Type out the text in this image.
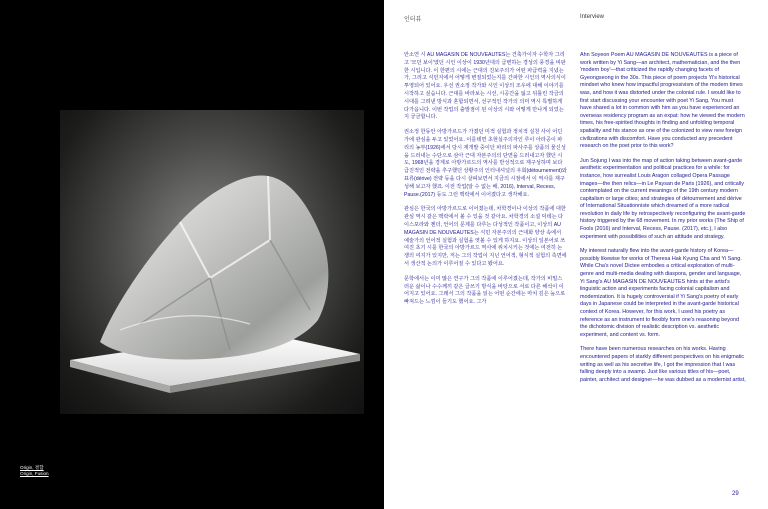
Origin, 결합
Origin, Fusion
인터뷰	Interview

안소연 시 AU MAGASIN DE NOUVEAUTES는 건축가이자 수학자 그리고 '모던 보이'였던 시인 이상이 1930년대의 급변하는 경성의 풍경을 비판한 시입니다. 이 한편의 시에는 근대의 진보주의가 어떤 파급력을 지녔는가, 그리고 식민지에서 어떻게 변질되었는지를 간파한 시인의 역사의식이 투영되어 있어요. 우선 권소정 작가와 시인 이상의 조우에 대해 이야기를 시작하고 싶습니다. 근대를 바라보는 시선, 시공간을 잃고 뒤틀린 작금의 시대를 그려낸 방식과 혼합되면서, 선구적인 작가의 의미 역시 특별하게 다가옵니다. 이번 작업의 출발점이 된 이상의 시와 어떻게 만나게 되었는지 궁금합니다.

권소정 한동안 아방가르드가 가졌던 미적 실험과 정치적 실천 사이 어딘가에 관심을 두고 있었어요. 이를테면 초현실주의자인 루이 아라공이 파리의 농부(1926)에서 당시 재개발 중이던 파리의 파사주를 상품의 물신성을 드러내는 수단으로 삼아 근대 자본주의의 단면을 드러내고자 했던 시도, 1968년을 경계로 아방가르드의 역사를 반성적으로 재구성하며 보다 급진적인 전략을 추구했던 상황주의 인터내셔널의 우회(détournement)와 표류(dérive) 전략 등을 다시 살펴보면서 지금의 시점에서 이 역사를 재구성해 보고자 했죠. 이전 작업(알 수 없는 배, 2016), Interval, Recess, Pause.(2017) 등도 그런 맥락에서 이어졌다고 생각해요.

관심은 한국의 아방가르드로 이어졌는데, 차학경이나 이상의 작품에 대한 관심 역시 같은 맥락에서 볼 수 있을 것 같아요. 차학경의 소설 딕테는 다이스포라와 젠더, 언어의 문제를 다루는 다성적인 작품이고, 이상의 AU MAGASIN DE NOUVEAUTES는 식민 자본주의의 근대화 양상 속에서 예술가의 언어적 실험과 실험을 엿볼 수 있게 하지요. 이상의 일본어로 쓰여진 초기 시를 한국의 아방가르드 역사에 위치시키는 것에는 여전히 논쟁의 여지가 있지만, 저는 그의 작업이 지닌 언어적, 형식적 실험의 측면에서 생산적 논의가 이루어질 수 있다고 봤어요.

문학에서는 이미 많은 연구가 그의 작품에 이루어졌는데, 작가의 비밀스러운 삶이나 수수께끼 같은 글쓰기 방식을 바탕으로 서로 다른 해석이 이어지고 있어요. 그래서 그의 작품을 읽는 어떤 순간에는 마치 깊은 늪으로 빠져드는 느낌이 들기도 했어요. 그가

Ahn Soyeon Poem AU MAGASIN DE NOUVEAUTES is a piece of work written by Yi Sang—an architect, mathematician, and the then 'modern boy'—that criticized the rapidly changing facets of Gyeongseong in the 30s. This piece of poem projects Yi's historical mindset who knew how impactful progressivism of the modern times was, and how it was distorted under the colonial rule. I would like to first start discussing your encounter with poet Yi Sang. You must have shared a lot in common with him as you have experienced an overseas residency program as an expat: how he viewed the modern times, his free-spirited thoughts in finding and unfolding temporal spatiality and his stance as one of the colonized to view new foreign civilizations with discomfort. Have you conducted any precedent research on the poet prior to this work?

Jun Sojung I was into the map of action taking between avant-garde aesthetic experimentation and political practices for a while: for instance, how surrealist Louis Aragon collaged Opera Passage images—the then relics—in Le Paysan de Paris (1926), and critically contemplated on the current meanings of the 19th century modern capitalism or large cities; and strategies of détournement and dérive of International Situationniste which dreamed of a more radical revolution in daily life by retrospectively reconfiguring the avant-garde history triggered by the 68 movement. In my prior works (The Ship of Fools (2016) and Interval, Recess, Pause. (2017), etc.), I also experiment with possibilities of such an attitude and strategy.

My interest naturally flew into the avant-garde history of Korea—possibly likewise for works of Theresa Hak Kyung Cha and Yi Sang. While Cha's novel Dictee embodies a critical exploration of multi-genre and multi-media dealing with diaspora, gender and language, Yi Sang's AU MAGASIN DE NOUVEAUTES hints at the artist's linguistic action and experiments facing colonial capitalism and modernization. It is hugely controversial if Yi Sang's poetry of early days in Japanese could be interpreted in the avant-garde historical context of Korea. However, for this work, I used his poetry as reference as an instrument to flexibly form one's reasoning beyond the dichotomic division of realistic description vs. aesthetic experiment, and content vs. form.

There have been numerous researches on his works. Having encountered papers of starkly different perspectives on his enigmatic writing as well as his secretive life, I got the impression that I was falling deeply into a swamp. Just like various titles of his—poet, painter, architect and designer—he was dubbed as a modernist artist,

29
